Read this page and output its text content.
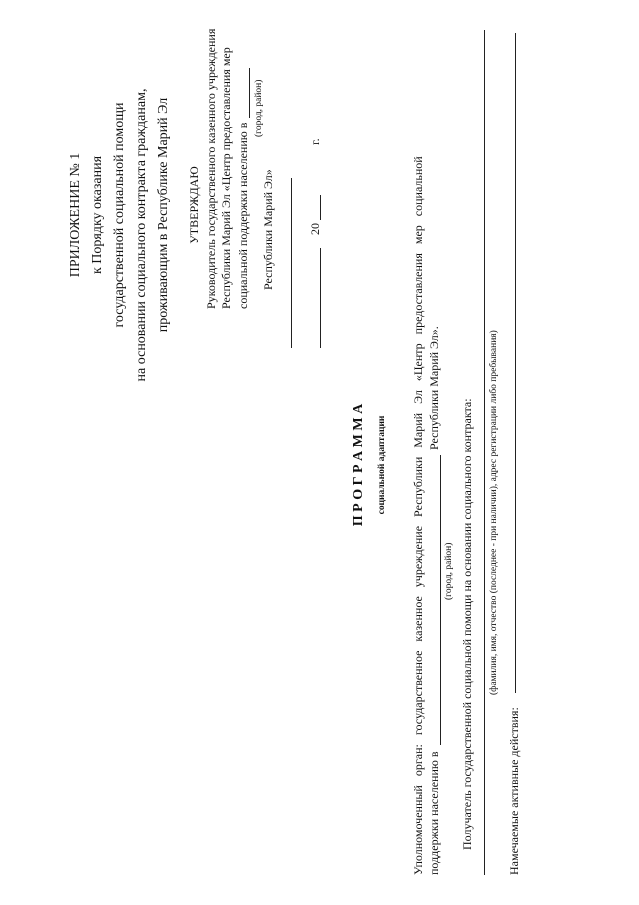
ПРИЛОЖЕНИЕ № 1 к Порядку оказания государственной социальной помощи на основании социального контракта гражданам, проживающим в Республике Марий Эл УТВЕРЖДАЮ Руководитель государственного казенного учреждения Республики Марий Эл «Центр предоставления мер социальной поддержки населению в
(город, район)
Республики Марий Эл»	20
г.
П Р О Г Р А М М А социальной адаптации Уполномоченный   орган:   государственное   казенное   учреждение   Республики   Марий   Эл   «Центр   предоставления   мер   социальной поддержки населению в
Республики Марий Эл».
(город, район) Получатель государственной социальной помощи на основании социального контракта: (фамилия, имя, отчество (последнее - при наличии), адрес регистрации либо пребывания)
Намечаемые активные действия:
